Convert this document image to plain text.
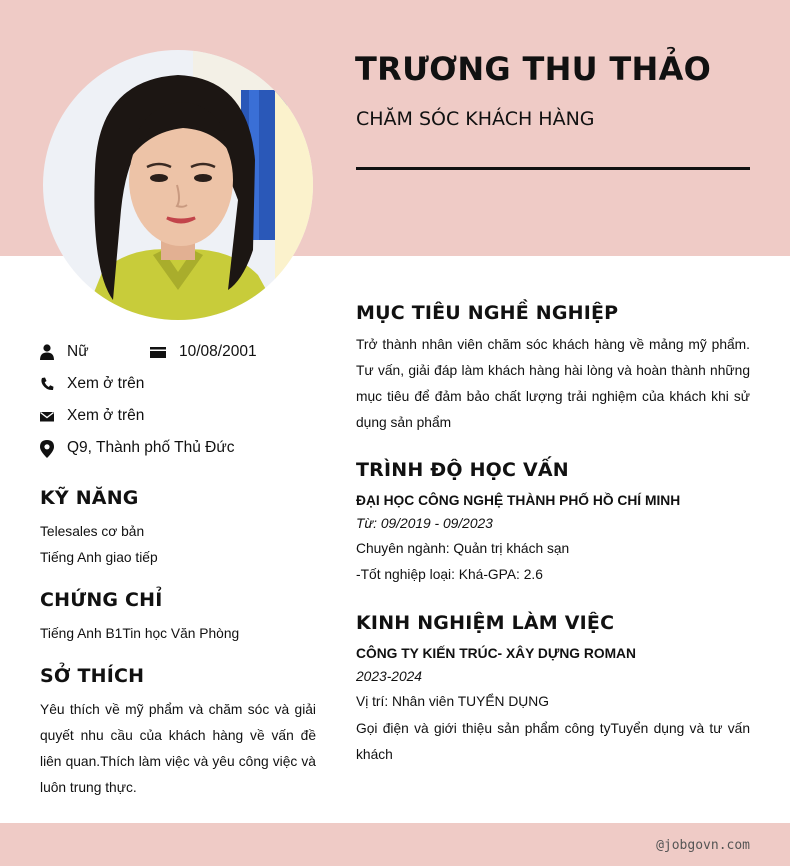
TRƯƠNG THU THẢO
CHĂM SÓC KHÁCH HÀNG
Nữ	10/08/2001
Xem ở trên
Xem ở trên
Q9, Thành phố Thủ Đức
KỸ NĂNG
Telesales cơ bản
Tiếng Anh giao tiếp
CHỨNG CHỈ
Tiếng Anh B1Tin học Văn Phòng
SỞ THÍCH
Yêu thích về mỹ phẩm và chăm sóc và giải quyết nhu cầu của khách hàng về vấn đề liên quan.Thích làm việc và yêu công việc và luôn trung thực.
MỤC TIÊU NGHỀ NGHIỆP
Trở thành nhân viên chăm sóc khách hàng về mảng mỹ phẩm. Tư vấn, giải đáp làm khách hàng hài lòng và hoàn thành những mục tiêu để đảm bảo chất lượng trải nghiệm của khách khi sử dụng sản phẩm
TRÌNH ĐỘ HỌC VẤN
ĐẠI HỌC CÔNG NGHỆ THÀNH PHỐ HỒ CHÍ MINH
Từ: 09/2019 - 09/2023
Chuyên ngành: Quản trị khách sạn
-Tốt nghiệp loại: Khá-GPA: 2.6
KINH NGHIỆM LÀM VIỆC
CÔNG TY KIẾN TRÚC- XÂY DỰNG ROMAN
2023-2024
Vị trí: Nhân viên TUYỂN DỤNG
Gọi điện và giới thiệu sản phẩm công tyTuyển dụng và tư vấn khách
@jobgovn.com
